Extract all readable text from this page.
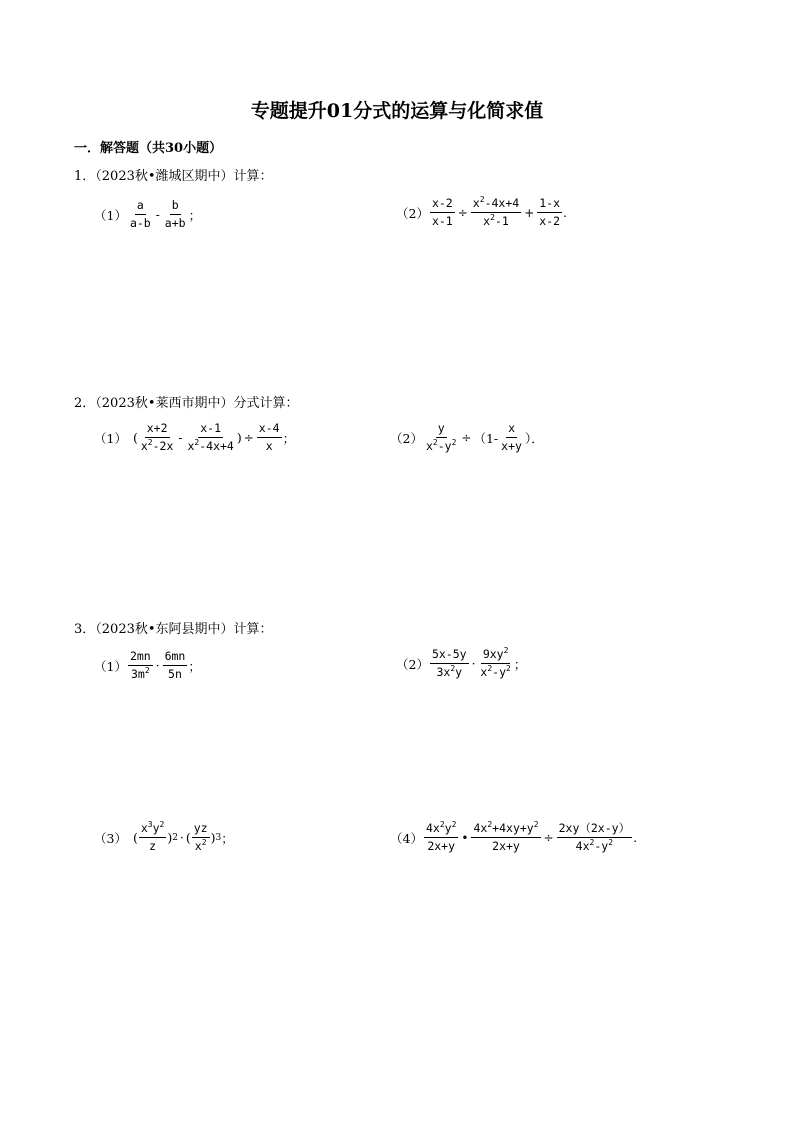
专题提升01分式的运算与化简求值
一．解答题（共30小题）
1．（2023秋•潍城区期中）计算：
$(1) \frac{a}{a-b} - \frac{b}{a+b}$ ；	$(2) \frac{x-2}{x-1} \div \frac{x^2-4x+4}{x^2-1} + \frac{1-x}{x-2}$ .
2．（2023秋•莱西市期中）分式计算：
（1） ( $\frac{x+2}{x^2-2x} - \frac{x-1}{x^2-4x+4}$ ) ÷ $\frac{x-4}{x}$ ；	$(2) \frac{y}{x^2-y^2} \div (1- \frac{x}{x+y}$ ）．
3．（2023秋•东阿县期中）计算：
$(1) \frac{2mn}{3m^2} \cdot \frac{6mn}{5n}$ ；	$(2) \frac{5x-5y}{3x^2y} \cdot \frac{9xy^2}{x^2-y^2}$ ；
（3） ( $\frac{x^3y^2}{z}$ ) 2 · ( $\frac{yz}{x^2}$ ) 3 ；	$(4) \frac{4x^2y^2}{2x+y}$ • $\frac{4x^2+4xy+y^2}{2x+y} \div \frac{2xy(2x-y)}{4x^2-y^2}$ .
